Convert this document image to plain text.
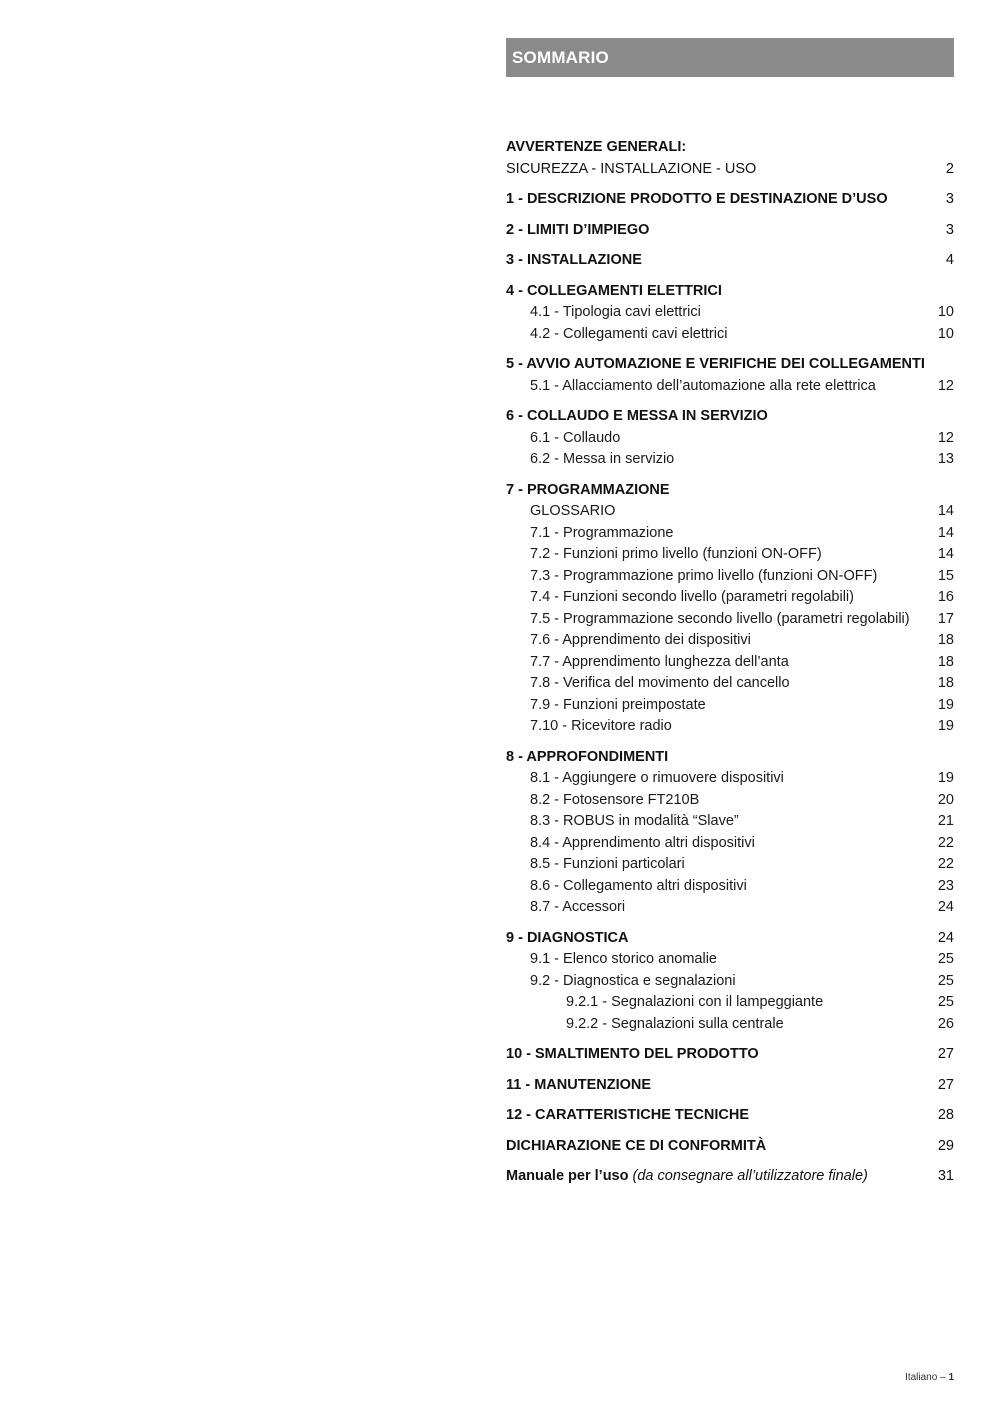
SOMMARIO
AVVERTENZE GENERALI:
SICUREZZA - INSTALLAZIONE - USO	2
1 - DESCRIZIONE PRODOTTO E DESTINAZIONE D’USO	3
2 - LIMITI D’IMPIEGO	3
3 - INSTALLAZIONE	4
4 - COLLEGAMENTI ELETTRICI
4.1 - Tipologia cavi elettrici	10
4.2 - Collegamenti cavi elettrici	10
5 - AVVIO AUTOMAZIONE E VERIFICHE DEI COLLEGAMENTI
5.1 - Allacciamento dell’automazione alla rete elettrica	12
6 - COLLAUDO E MESSA IN SERVIZIO
6.1 - Collaudo	12
6.2 - Messa in servizio	13
7 - PROGRAMMAZIONE
GLOSSARIO	14
7.1 - Programmazione	14
7.2 - Funzioni primo livello (funzioni ON-OFF)	14
7.3 - Programmazione primo livello (funzioni ON-OFF)	15
7.4 - Funzioni secondo livello (parametri regolabili)	16
7.5 - Programmazione secondo livello (parametri regolabili)	17
7.6 - Apprendimento dei dispositivi	18
7.7 - Apprendimento lunghezza dell’anta	18
7.8 - Verifica del movimento del cancello	18
7.9 - Funzioni preimpostate	19
7.10 - Ricevitore radio	19
8 - APPROFONDIMENTI
8.1 - Aggiungere o rimuovere dispositivi	19
8.2 - Fotosensore FT210B	20
8.3 - ROBUS in modalità “Slave”	21
8.4 - Apprendimento altri dispositivi	22
8.5 - Funzioni particolari	22
8.6 - Collegamento altri dispositivi	23
8.7 - Accessori	24
9 - DIAGNOSTICA	24
9.1 - Elenco storico anomalie	25
9.2 - Diagnostica e segnalazioni	25
9.2.1 - Segnalazioni con il lampeggiante	25
9.2.2 - Segnalazioni sulla centrale	26
10 - SMALTIMENTO DEL PRODOTTO	27
11 - MANUTENZIONE	27
12 - CARATTERISTICHE TECNICHE	28
DICHIARAZIONE CE DI CONFORMITÀ	29
Manuale per l’uso (da consegnare all’utilizzatore finale)	31
Italiano – 1
